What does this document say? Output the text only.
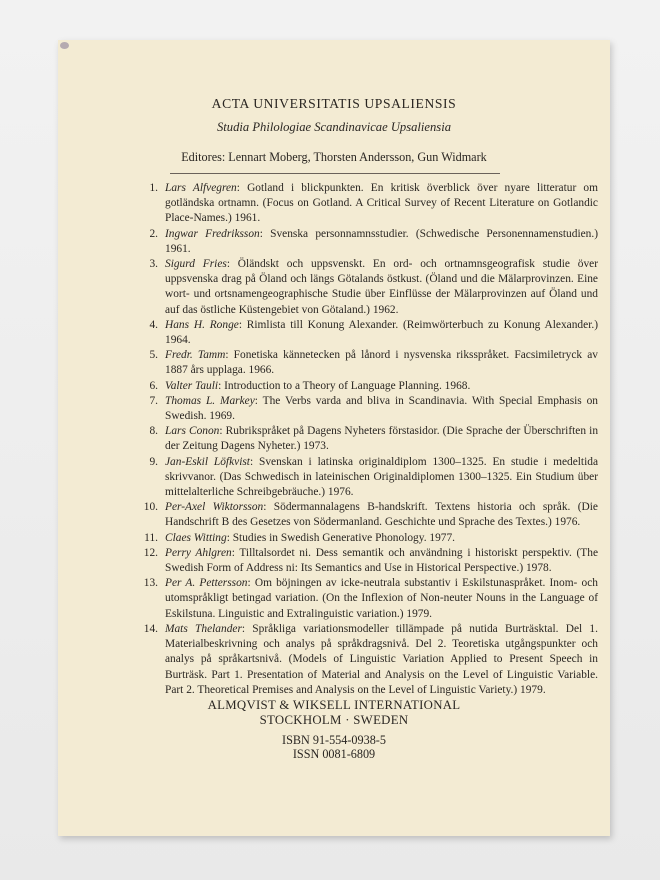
ACTA UNIVERSITATIS UPSALIENSIS
Studia Philologiae Scandinavicae Upsaliensia
Editores: Lennart Moberg, Thorsten Andersson, Gun Widmark
1. Lars Alfvegren: Gotland i blickpunkten. En kritisk överblick över nyare litteratur om gotländska ortnamn. (Focus on Gotland. A Critical Survey of Recent Literature on Gotlandic Place-Names.) 1961.
2. Ingwar Fredriksson: Svenska personnamnsstudier. (Schwedische Personennamenstudien.) 1961.
3. Sigurd Fries: Öländskt och uppsvenskt. En ord- och ortnamnsgeografisk studie över uppsvenska drag på Öland och längs Götalands östkust. (Öland und die Mälarprovinzen. Eine wort- und ortsnamengeographische Studie über Einflüsse der Mälarprovinzen auf Öland und auf das östliche Küstengebiet von Götaland.) 1962.
4. Hans H. Ronge: Rimlista till Konung Alexander. (Reimwörterbuch zu Konung Alexander.) 1964.
5. Fredr. Tamm: Fonetiska kännetecken på lånord i nysvenska riksspråket. Facsimiletryck av 1887 års upplaga. 1966.
6. Valter Tauli: Introduction to a Theory of Language Planning. 1968.
7. Thomas L. Markey: The Verbs varda and bliva in Scandinavia. With Special Emphasis on Swedish. 1969.
8. Lars Conon: Rubrikspråket på Dagens Nyheters förstasidor. (Die Sprache der Überschriften in der Zeitung Dagens Nyheter.) 1973.
9. Jan-Eskil Löfkvist: Svenskan i latinska originaldiplom 1300–1325. En studie i medeltida skrivvanor. (Das Schwedisch in lateinischen Originaldiplomen 1300–1325. Ein Studium über mittelalterliche Schreibgebräuche.) 1976.
10. Per-Axel Wiktorsson: Södermannalagens B-handskrift. Textens historia och språk. (Die Handschrift B des Gesetzes von Södermanland. Geschichte und Sprache des Textes.) 1976.
11. Claes Witting: Studies in Swedish Generative Phonology. 1977.
12. Perry Ahlgren: Tilltalsordet ni. Dess semantik och användning i historiskt perspektiv. (The Swedish Form of Address ni: Its Semantics and Use in Historical Perspective.) 1978.
13. Per A. Pettersson: Om böjningen av icke-neutrala substantiv i Eskilstunaspråket. Inom- och utomspråkligt betingad variation. (On the Inflexion of Non-neuter Nouns in the Language of Eskilstuna. Linguistic and Extralinguistic variation.) 1979.
14. Mats Thelander: Språkliga variationsmodeller tillämpade på nutida Burträsktal. Del 1. Materialbeskrivning och analys på språkdragsnivå. Del 2. Teoretiska utgångspunkter och analys på språkartsnivå. (Models of Linguistic Variation Applied to Present Speech in Burträsk. Part 1. Presentation of Material and Analysis on the Level of Linguistic Variable. Part 2. Theoretical Premises and Analysis on the Level of Linguistic Variety.) 1979.
ALMQVIST & WIKSELL INTERNATIONAL
STOCKHOLM · SWEDEN
ISBN 91-554-0938-5
ISSN 0081-6809
